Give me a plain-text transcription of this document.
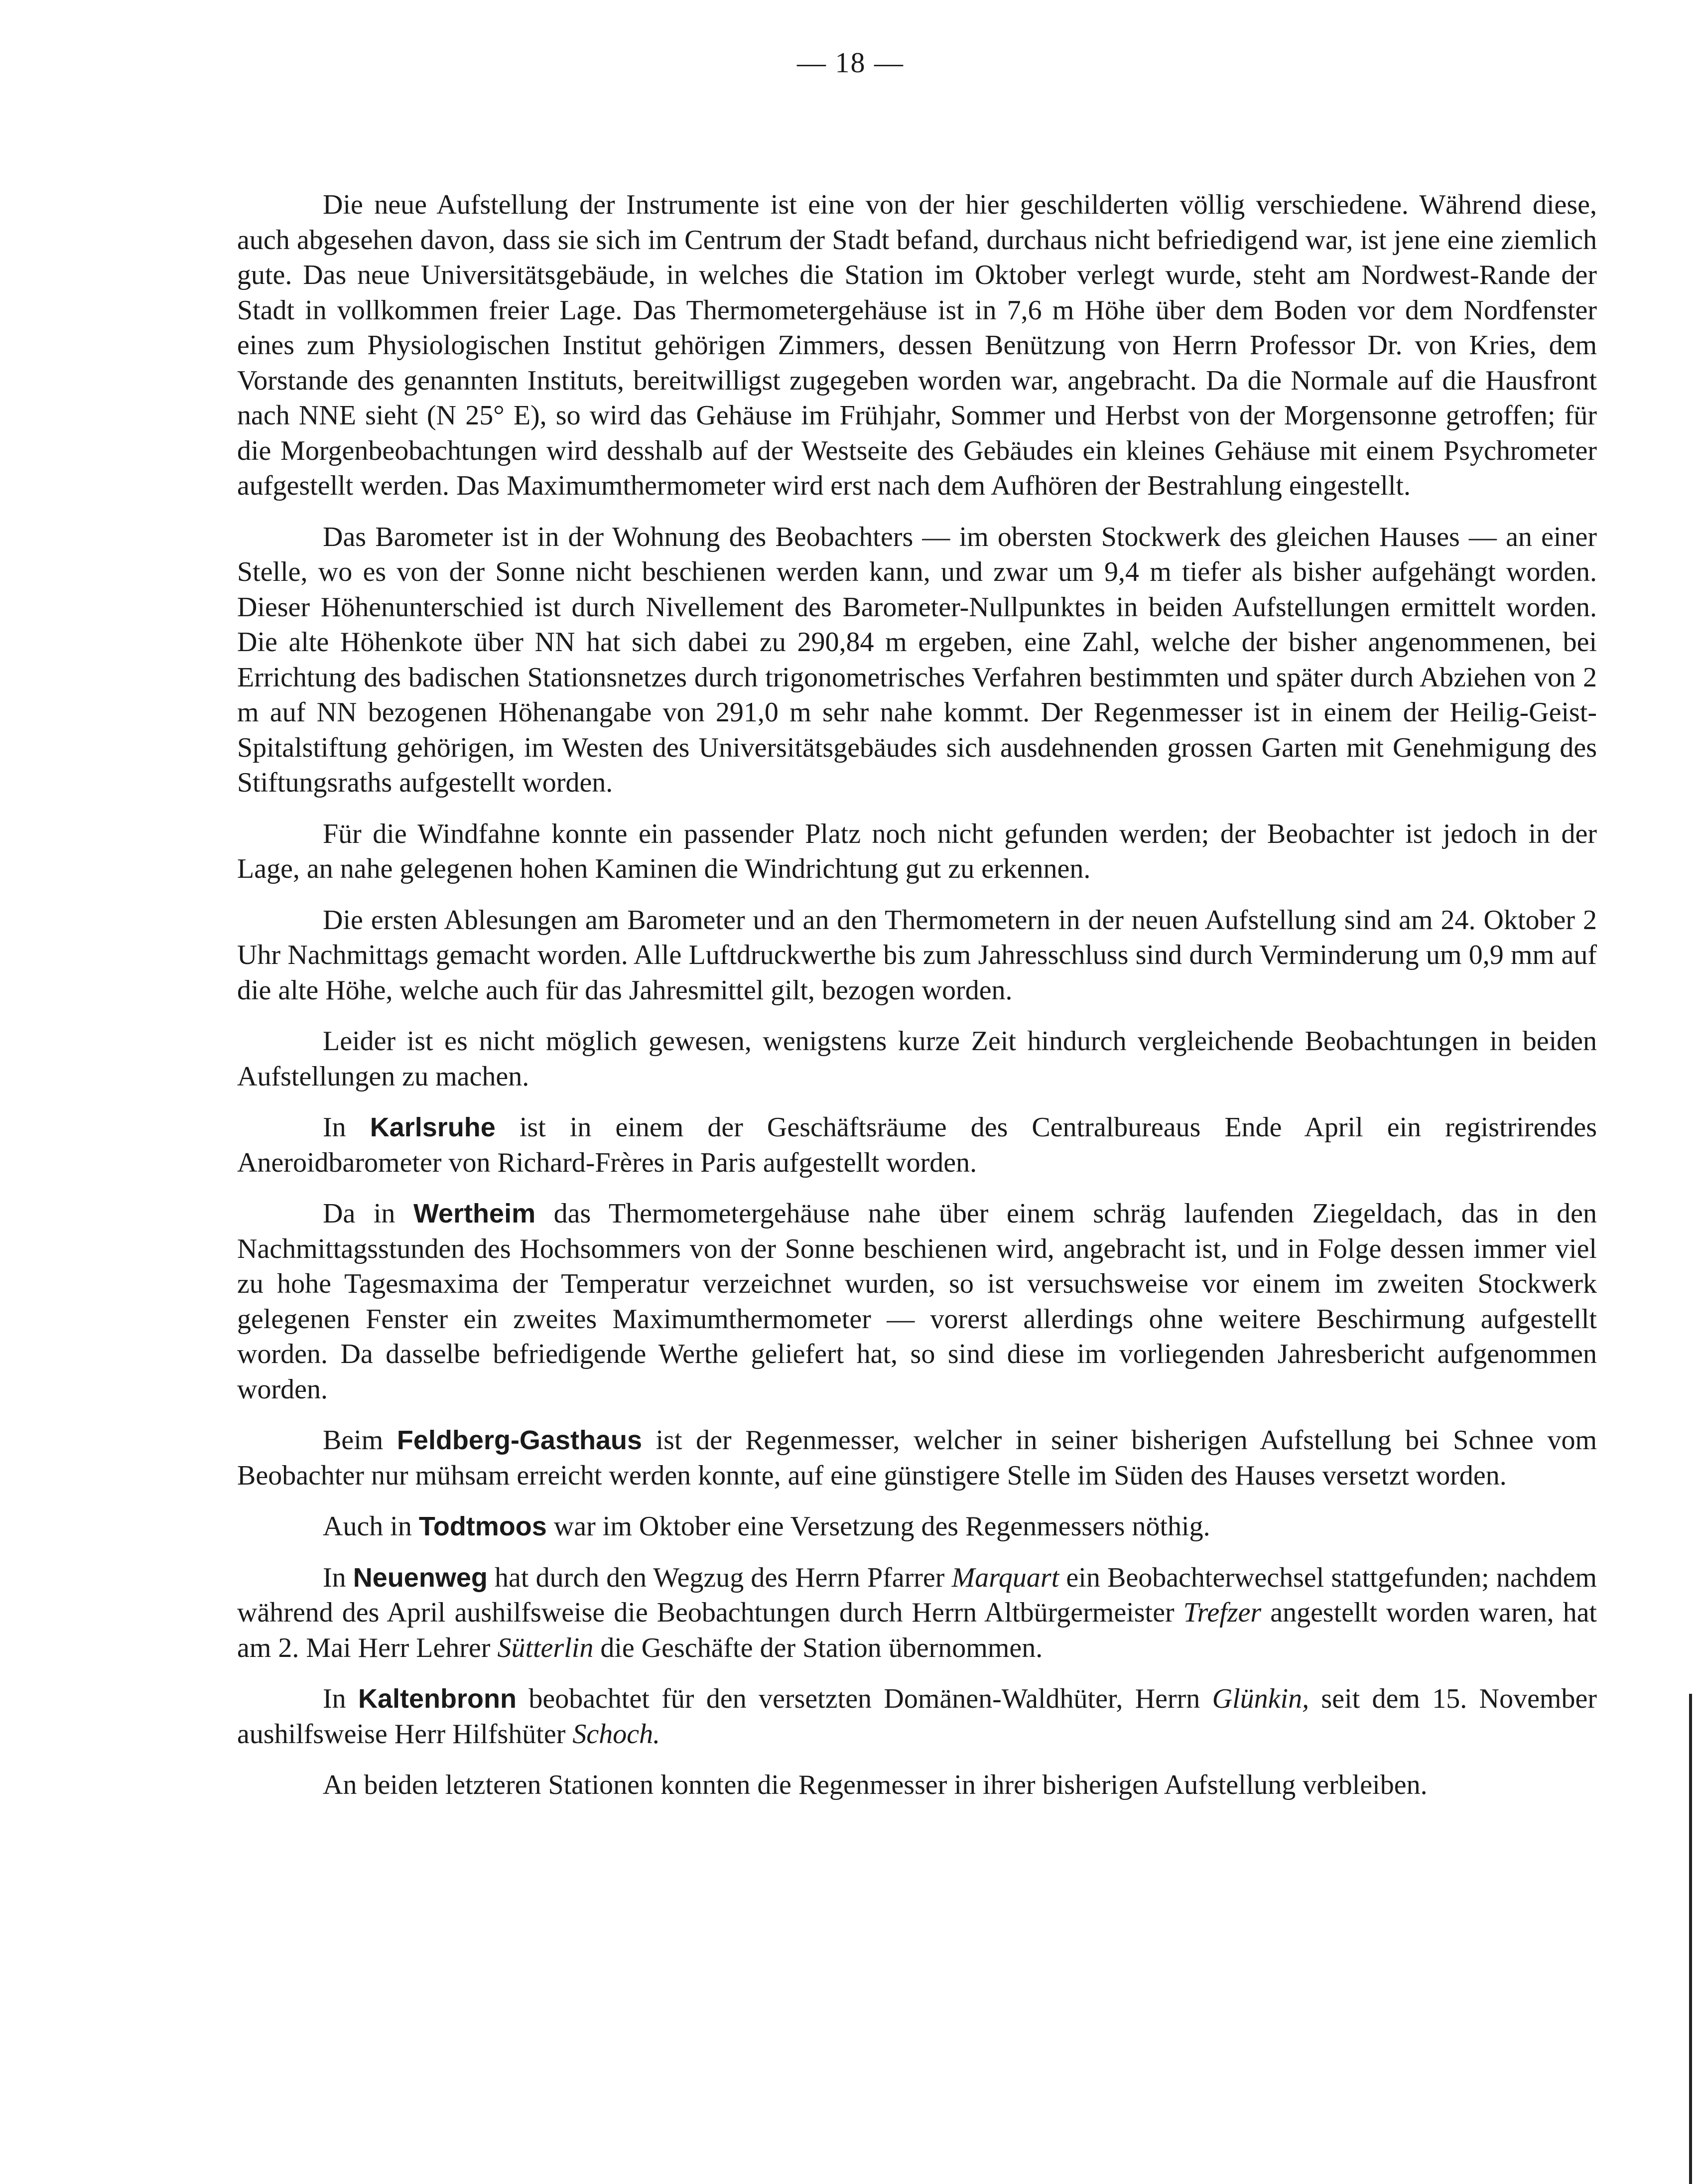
— 18 —

Die neue Aufstellung der Instrumente ist eine von der hier geschilderten völlig verschiedene. Während diese, auch abgesehen davon, dass sie sich im Centrum der Stadt befand, durchaus nicht befriedigend war, ist jene eine ziemlich gute. Das neue Universitätsgebäude, in welches die Station im Oktober verlegt wurde, steht am Nordwest-Rande der Stadt in vollkommen freier Lage. Das Thermometergehäuse ist in 7,6 m Höhe über dem Boden vor dem Nordfenster eines zum Physiologischen Institut gehörigen Zimmers, dessen Benützung von Herrn Professor Dr. von Kries, dem Vorstande des genannten Instituts, bereitwilligst zugegeben worden war, angebracht. Da die Normale auf die Hausfront nach NNE sieht (N 25° E), so wird das Gehäuse im Frühjahr, Sommer und Herbst von der Morgensonne getroffen; für die Morgenbeobachtungen wird desshalb auf der Westseite des Gebäudes ein kleines Gehäuse mit einem Psychrometer aufgestellt werden. Das Maximumthermometer wird erst nach dem Aufhören der Bestrahlung eingestellt.

Das Barometer ist in der Wohnung des Beobachters — im obersten Stockwerk des gleichen Hauses — an einer Stelle, wo es von der Sonne nicht beschienen werden kann, und zwar um 9,4 m tiefer als bisher aufgehängt worden. Dieser Höhenunterschied ist durch Nivellement des Barometer-Nullpunktes in beiden Aufstellungen ermittelt worden. Die alte Höhenkote über NN hat sich dabei zu 290,84 m ergeben, eine Zahl, welche der bisher angenommenen, bei Errichtung des badischen Stationsnetzes durch trigonometrisches Verfahren bestimmten und später durch Abziehen von 2 m auf NN bezogenen Höhenangabe von 291,0 m sehr nahe kommt. Der Regenmesser ist in einem der Heilig-Geist-Spitalstiftung gehörigen, im Westen des Universitätsgebäudes sich ausdehnenden grossen Garten mit Genehmigung des Stiftungsraths aufgestellt worden.

Für die Windfahne konnte ein passender Platz noch nicht gefunden werden; der Beobachter ist jedoch in der Lage, an nahe gelegenen hohen Kaminen die Windrichtung gut zu erkennen.

Die ersten Ablesungen am Barometer und an den Thermometern in der neuen Aufstellung sind am 24. Oktober 2 Uhr Nachmittags gemacht worden. Alle Luftdruckwerthe bis zum Jahresschluss sind durch Verminderung um 0,9 mm auf die alte Höhe, welche auch für das Jahresmittel gilt, bezogen worden.

Leider ist es nicht möglich gewesen, wenigstens kurze Zeit hindurch vergleichende Beobachtungen in beiden Aufstellungen zu machen.

In Karlsruhe ist in einem der Geschäftsräume des Centralbureaus Ende April ein registrirendes Aneroidbarometer von Richard-Frères in Paris aufgestellt worden.

Da in Wertheim das Thermometergehäuse nahe über einem schräg laufenden Ziegeldach, das in den Nachmittagsstunden des Hochsommers von der Sonne beschienen wird, angebracht ist, und in Folge dessen immer viel zu hohe Tagesmaxima der Temperatur verzeichnet wurden, so ist versuchsweise vor einem im zweiten Stockwerk gelegenen Fenster ein zweites Maximumthermometer — vorerst allerdings ohne weitere Beschirmung aufgestellt worden. Da dasselbe befriedigende Werthe geliefert hat, so sind diese im vorliegenden Jahresbericht aufgenommen worden.

Beim Feldberg-Gasthaus ist der Regenmesser, welcher in seiner bisherigen Aufstellung bei Schnee vom Beobachter nur mühsam erreicht werden konnte, auf eine günstigere Stelle im Süden des Hauses versetzt worden.

Auch in Todtmoos war im Oktober eine Versetzung des Regenmessers nöthig.

In Neuenweg hat durch den Wegzug des Herrn Pfarrer Marquart ein Beobachterwechsel stattgefunden; nachdem während des April aushilfsweise die Beobachtungen durch Herrn Altbürgermeister Trefzer angestellt worden waren, hat am 2. Mai Herr Lehrer Sütterlin die Geschäfte der Station übernommen.

In Kaltenbronn beobachtet für den versetzten Domänen-Waldhüter, Herrn Glünkin, seit dem 15. November aushilfsweise Herr Hilfshüter Schoch.

An beiden letzteren Stationen konnten die Regenmesser in ihrer bisherigen Aufstellung verbleiben.
